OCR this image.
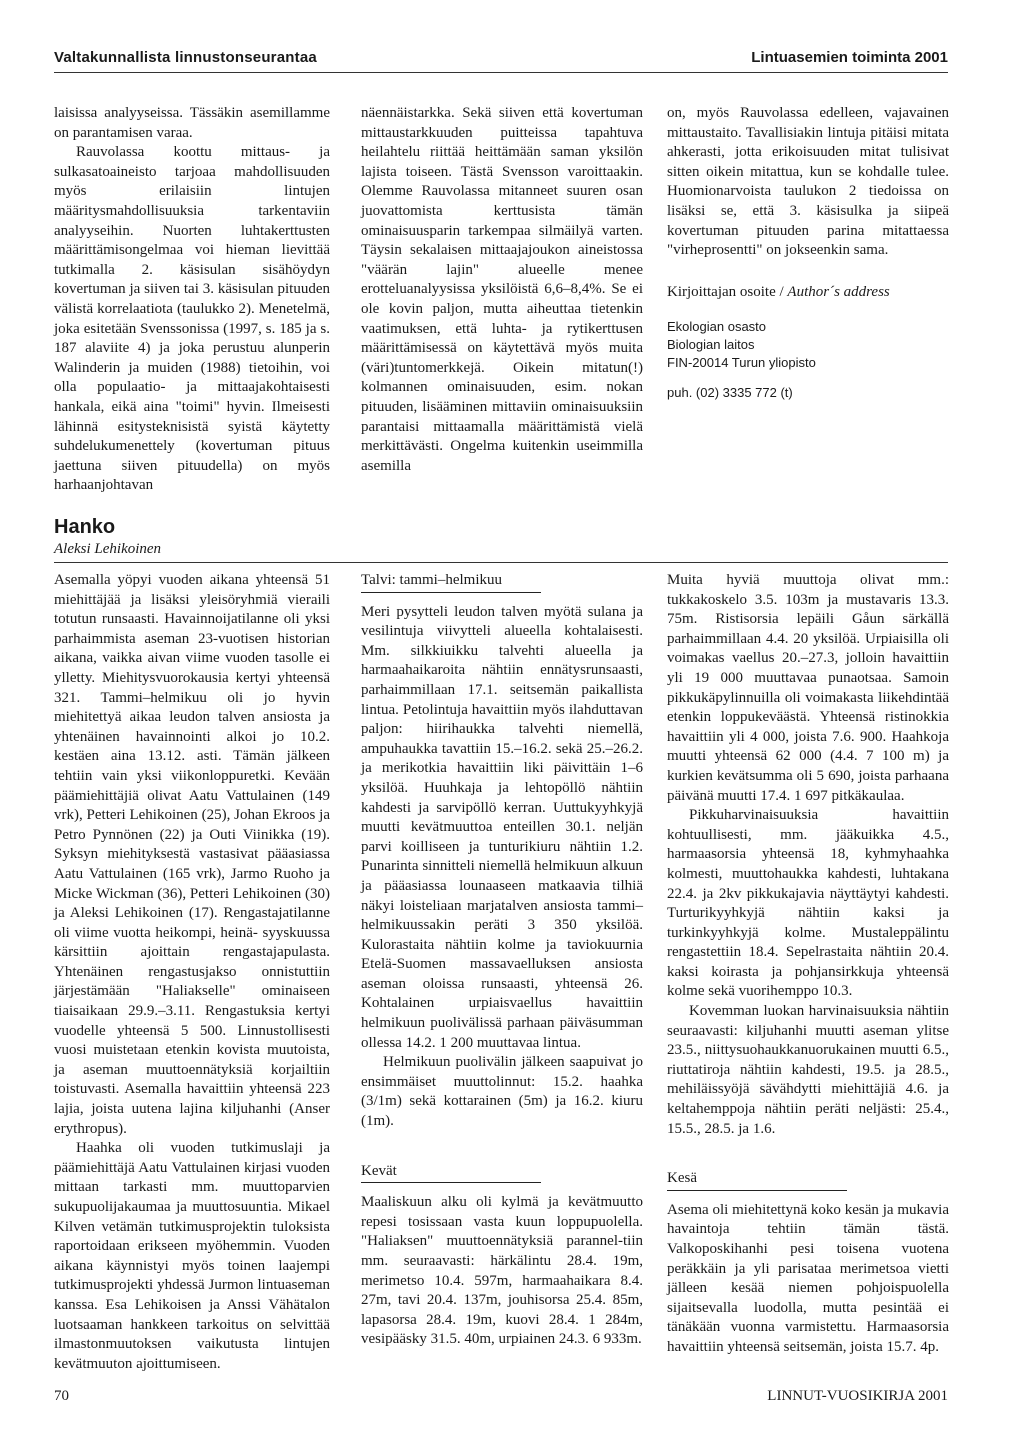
Valtakunnallista linnustonseurantaa	Lintuasemien toiminta 2001

laisissa analyyseissa. Tässäkin asemillamme on parantamisen varaa.

Rauvolassa koottu mittaus- ja sulkasatoaineisto tarjoaa mahdollisuuden myös erilaisiin lintujen määritysmahdollisuuksia tarkentaviin analyyseihin. Nuorten luhtakerttusten määrittämisongelmaa voi hieman lievittää tutkimalla 2. käsisulan sisähöydyn kovertuman ja siiven tai 3. käsisulan pituuden välistä korrelaatiota (taulukko 2). Menetelmä, joka esitetään Svenssonissa (1997, s. 185 ja s. 187 alaviite 4) ja joka perustuu alunperin Walinderin ja muiden (1988) tietoihin, voi olla populaatio- ja mittaajakohtaisesti hankala, eikä aina "toimi" hyvin. Ilmeisesti lähinnä esitysteknisistä syistä käytetty suhdelukumenettely (kovertuman pituus jaettuna siiven pituudella) on myös harhaanjohtavan

näennäistarkka. Sekä siiven että kovertuman mittaustarkkuuden puitteissa tapahtuva heilahtelu riittää heittämään saman yksilön lajista toiseen. Tästä Svensson varoittaakin. Olemme Rauvolassa mitanneet suuren osan juovattomista kerttusista tämän ominaisuusparin tarkempaa silmäilyä varten. Täysin sekalaisen mittaajajoukon aineistossa "väärän lajin" alueelle menee erotteluanalyysissa yksilöistä 6,6–8,4%. Se ei ole kovin paljon, mutta aiheuttaa tietenkin vaatimuksen, että luhta- ja rytikerttusen määrittämisessä on käytettävä myös muita (väri)tuntomerkkejä. Oikein mitatun(!) kolmannen ominaisuuden, esim. nokan pituuden, lisääminen mittaviin ominaisuuksiin parantaisi mittaamalla määrittämistä vielä merkittävästi. Ongelma kuitenkin useimmilla asemilla

on, myös Rauvolassa edelleen, vajavainen mittaustaito. Tavallisiakin lintuja pitäisi mitata ahkerasti, jotta erikoisuuden mitat tulisivat sitten oikein mitattua, kun se kohdalle tulee. Huomionarvoista taulukon 2 tiedoissa on lisäksi se, että 3. käsisulka ja siipeä kovertuman pituuden parina mitattaessa "virheprosentti" on jokseenkin sama.

Kirjoittajan osoite / Author´s address
Ekologian osasto
Biologian laitos
FIN-20014 Turun yliopisto
puh. (02) 3335 772 (t)
Hanko
Aleksi Lehikoinen

Asemalla yöpyi vuoden aikana yhteensä 51 miehittäjää ja lisäksi yleisöryhmiä vieraili totutun runsaasti. Havainnoijatilanne oli yksi parhaimmista aseman 23-vuotisen historian aikana, vaikka aivan viime vuoden tasolle ei ylletty. Miehitysvuorokausia kertyi yhteensä 321. Tammi–helmikuu oli jo hyvin miehitettyä aikaa leudon talven ansiosta ja yhtenäinen havainnointi alkoi jo 10.2. kestäen aina 13.12. asti. Tämän jälkeen tehtiin vain yksi viikonloppuretki. Kevään päämiehittäjiä olivat Aatu Vattulainen (149 vrk), Petteri Lehikoinen (25), Johan Ekroos ja Petro Pynnönen (22) ja Outi Viinikka (19). Syksyn miehityksestä vastasivat pääasiassa Aatu Vattulainen (165 vrk), Jarmo Ruoho ja Micke Wickman (36), Petteri Lehikoinen (30) ja Aleksi Lehikoinen (17). Rengastajatilanne oli viime vuotta heikompi, heinä- syyskuussa kärsittiin ajoittain rengastajapulasta. Yhtenäinen rengastusjakso onnistuttiin järjestämään "Haliakselle" ominaiseen tiaisaikaan 29.9.–3.11. Rengastuksia kertyi vuodelle yhteensä 5 500. Linnustollisesti vuosi muistetaan etenkin kovista muutoista, ja aseman muuttoennätyksiä korjailtiin toistuvasti. Asemalla havaittiin yhteensä 223 lajia, joista uutena lajina kiljuhanhi (Anser erythropus).

Haahka oli vuoden tutkimuslaji ja päämiehittäjä Aatu Vattulainen kirjasi vuoden mittaan tarkasti mm. muuttoparvien sukupuolijakaumaa ja muuttosuuntia. Mikael Kilven vetämän tutkimusprojektin tuloksista raportoidaan erikseen myöhemmin. Vuoden aikana käynnistyi myös toinen laajempi tutkimusprojekti yhdessä Jurmon lintuaseman kanssa. Esa Lehikoisen ja Anssi Vähätalon luotsaaman hankkeen tarkoitus on selvittää ilmastonmuutoksen vaikutusta lintujen kevätmuuton ajoittumiseen.

Talvi: tammi–helmikuu

Meri pysytteli leudon talven myötä sulana ja vesilintuja viivytteli alueella kohtalaisesti. Mm. silkkiuikku talvehti alueella ja harmaahaikaroita nähtiin ennätysrunsaasti, parhaimmillaan 17.1. seitsemän paikallista lintua. Petolintuja havaittiin myös ilahduttavan paljon: hiirihaukka talvehti niemellä, ampuhaukka tavattiin 15.–16.2. sekä 25.–26.2. ja merikotkia havaittiin liki päivittäin 1–6 yksilöä. Huuhkaja ja lehtopöllö nähtiin kahdesti ja sarvipöllö kerran. Uuttukyyhkyjä muutti kevätmuuttoa enteillen 30.1. neljän parvi koilliseen ja tunturikiuru nähtiin 1.2. Punarinta sinnitteli niemellä helmikuun alkuun ja pääasiassa lounaaseen matkaavia tilhiä näkyi loisteliaan marjatalven ansiosta tammi–helmikuussakin peräti 3 350 yksilöä. Kulorastaita nähtiin kolme ja taviokuurnia Etelä-Suomen massavaelluksen ansiosta aseman oloissa runsaasti, yhteensä 26. Kohtalainen urpiaisvaellus havaittiin helmikuun puolivälissä parhaan päiväsumman ollessa 14.2. 1 200 muuttavaa lintua.

Helmikuun puolivälin jälkeen saapuivat jo ensimmäiset muuttolinnut: 15.2. haahka (3/1m) sekä kottarainen (5m) ja 16.2. kiuru (1m).

Kevät

Maaliskuun alku oli kylmä ja kevätmuutto repesi tosissaan vasta kuun loppupuolella. "Haliaksen" muuttoennätyksiä parannel-tiin mm. seuraavasti: härkälintu 28.4. 19m, merimetso 10.4. 597m, harmaahaikara 8.4. 27m, tavi 20.4. 137m, jouhisorsa 25.4. 85m, lapasorsa 28.4. 19m, kuovi 28.4. 1 284m, vesipääsky 31.5. 40m, urpiainen 24.3. 6 933m.

Muita hyviä muuttoja olivat mm.: tukkakoskelo 3.5. 103m ja mustavaris 13.3. 75m. Ristisorsia lepäili Gåun särkällä parhaimmillaan 4.4. 20 yksilöä. Urpiaisilla oli voimakas vaellus 20.–27.3, jolloin havaittiin yli 19 000 muuttavaa punaotsaa. Samoin pikkukäpylinnuilla oli voimakasta liikehdintää etenkin loppukeväästä. Yhteensä ristinokkia havaittiin yli 4 000, joista 7.6. 900. Haahkoja muutti yhteensä 62 000 (4.4. 7 100 m) ja kurkien kevätsumma oli 5 690, joista parhaana päivänä muutti 17.4. 1 697 pitkäkaulaa.

Pikkuharvinaisuuksia havaittiin kohtuullisesti, mm. jääkuikka 4.5., harmaasorsia yhteensä 18, kyhmyhaahka kolmesti, muuttohaukka kahdesti, luhtakana 22.4. ja 2kv pikkukajavia näyttäytyi kahdesti. Turturikyyhkyjä nähtiin kaksi ja turkinkyyhkyjä kolme. Mustaleppälintu rengastettiin 18.4. Sepelrastaita nähtiin 20.4. kaksi koirasta ja pohjansirkkuja yhteensä kolme sekä vuorihemppo 10.3.

Kovemman luokan harvinaisuuksia nähtiin seuraavasti: kiljuhanhi muutti aseman ylitse 23.5., niittysuohaukkanuorukainen muutti 6.5., riuttatiroja nähtiin kahdesti, 19.5. ja 28.5., mehiläissyöjä sävähdytti miehittäjiä 4.6. ja keltahemppoja nähtiin peräti neljästi: 25.4., 15.5., 28.5. ja 1.6.

Kesä

Asema oli miehitettynä koko kesän ja mukavia havaintoja tehtiin tämän tästä. Valkoposkihanhi pesi toisena vuotena peräkkäin ja yli parisataa merimetsoa vietti jälleen kesää niemen pohjoispuolella sijaitsevalla luodolla, mutta pesintää ei tänäkään vuonna varmistettu. Harmaasorsia havaittiin yhteensä seitsemän, joista 15.7. 4p.

70	LINNUT-VUOSIKIRJA 2001
